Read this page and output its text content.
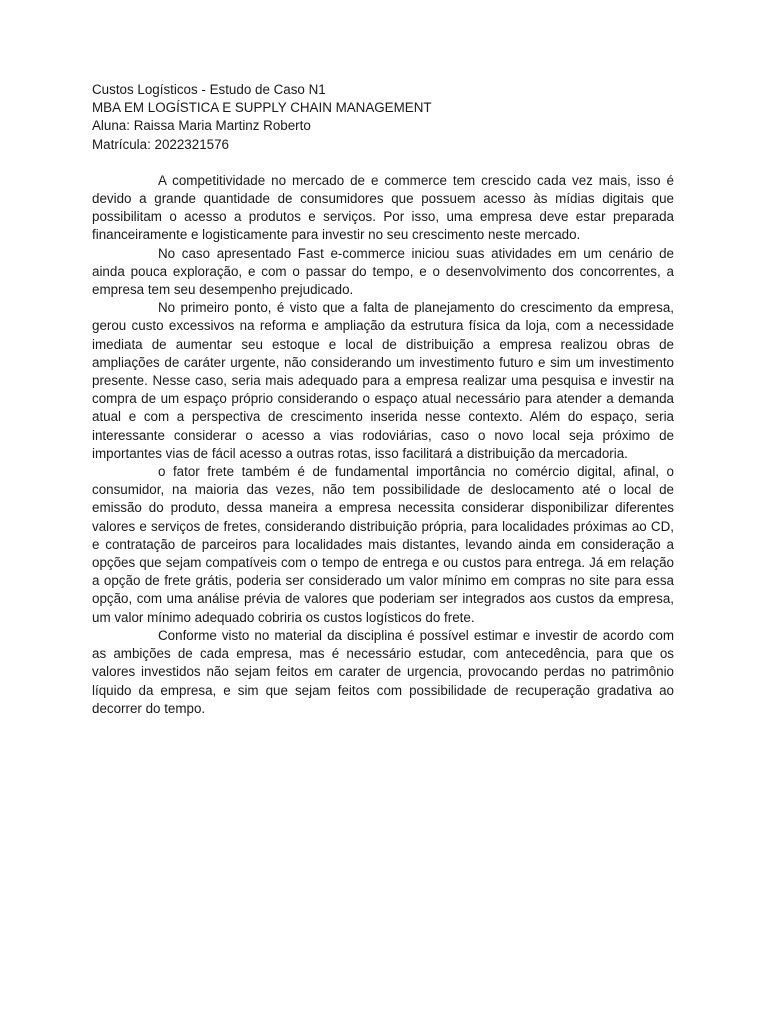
Custos Logísticos - Estudo de Caso N1

MBA EM LOGÍSTICA E SUPPLY CHAIN MANAGEMENT

Aluna: Raissa Maria Martinz Roberto

Matrícula: 2022321576

A competitividade no mercado de e commerce tem crescido cada vez mais, isso é devido a grande quantidade de consumidores que possuem acesso às mídias digitais que possibilitam o acesso a produtos e serviços. Por isso, uma empresa deve estar preparada financeiramente e logisticamente para investir no seu crescimento neste mercado.

No caso apresentado Fast e-commerce iniciou suas atividades em um cenário de ainda pouca exploração, e com o passar do tempo, e o desenvolvimento dos concorrentes, a empresa tem seu desempenho prejudicado.

No primeiro ponto, é visto que a falta de planejamento do crescimento da empresa, gerou custo excessivos na reforma e ampliação da estrutura física da loja, com a necessidade imediata de aumentar seu estoque e local de distribuição a empresa realizou obras de ampliações de caráter urgente, não considerando um investimento futuro e sim um investimento presente. Nesse caso, seria mais adequado para a empresa realizar uma pesquisa e investir na compra de um espaço próprio considerando o espaço atual necessário para atender a demanda atual e com a perspectiva de crescimento inserida nesse contexto. Além do espaço, seria interessante considerar o acesso a vias rodoviárias, caso o novo local seja próximo de importantes vias de fácil acesso a outras rotas, isso facilitará a distribuição da mercadoria.

o fator frete também é de fundamental importância no comércio digital, afinal, o consumidor, na maioria das vezes, não tem possibilidade de deslocamento até o local de emissão do produto, dessa maneira a empresa necessita considerar disponibilizar diferentes valores e serviços de fretes, considerando distribuição própria, para localidades próximas ao CD, e contratação de parceiros para localidades mais distantes, levando ainda em consideração a opções que sejam compatíveis com o tempo de entrega e ou custos para entrega. Já em relação a opção de frete grátis, poderia ser considerado um valor mínimo em compras no site para essa opção, com uma análise prévia de valores que poderiam ser integrados aos custos da empresa, um valor mínimo adequado cobriria os custos logísticos do frete.

Conforme visto no material da disciplina é possível estimar e investir de acordo com as ambições de cada empresa, mas é necessário estudar, com antecedência, para que os valores investidos não sejam feitos em carater de urgencia, provocando perdas no patrimônio líquido da empresa, e sim que sejam feitos com possibilidade de recuperação gradativa ao decorrer do tempo.
